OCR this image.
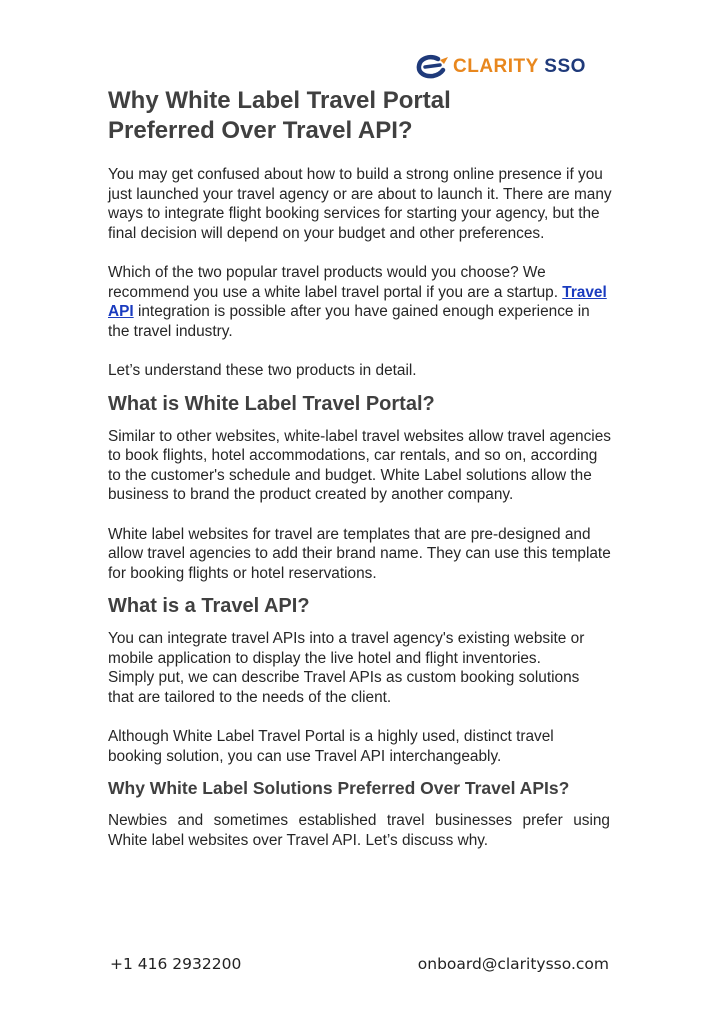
CLARITY SSO
Why White Label Travel Portal Preferred Over Travel API?

You may get confused about how to build a strong online presence if you just launched your travel agency or are about to launch it. There are many ways to integrate flight booking services for starting your agency, but the final decision will depend on your budget and other preferences.

Which of the two popular travel products would you choose? We recommend you use a white label travel portal if you are a startup. Travel API integration is possible after you have gained enough experience in the travel industry.

Let’s understand these two products in detail.

What is White Label Travel Portal?

Similar to other websites, white-label travel websites allow travel agencies to book flights, hotel accommodations, car rentals, and so on, according to the customer's schedule and budget. White Label solutions allow the business to brand the product created by another company.

White label websites for travel are templates that are pre-designed and allow travel agencies to add their brand name. They can use this template for booking flights or hotel reservations.

What is a Travel API?

You can integrate travel APIs into a travel agency's existing website or mobile application to display the live hotel and flight inventories. Simply put, we can describe Travel APIs as custom booking solutions that are tailored to the needs of the client.

Although White Label Travel Portal is a highly used, distinct travel booking solution, you can use Travel API interchangeably.

Why White Label Solutions Preferred Over Travel APIs?

Newbies and sometimes established travel businesses prefer using White label websites over Travel API. Let’s discuss why.

+1 416 2932200	onboard@claritysso.com
